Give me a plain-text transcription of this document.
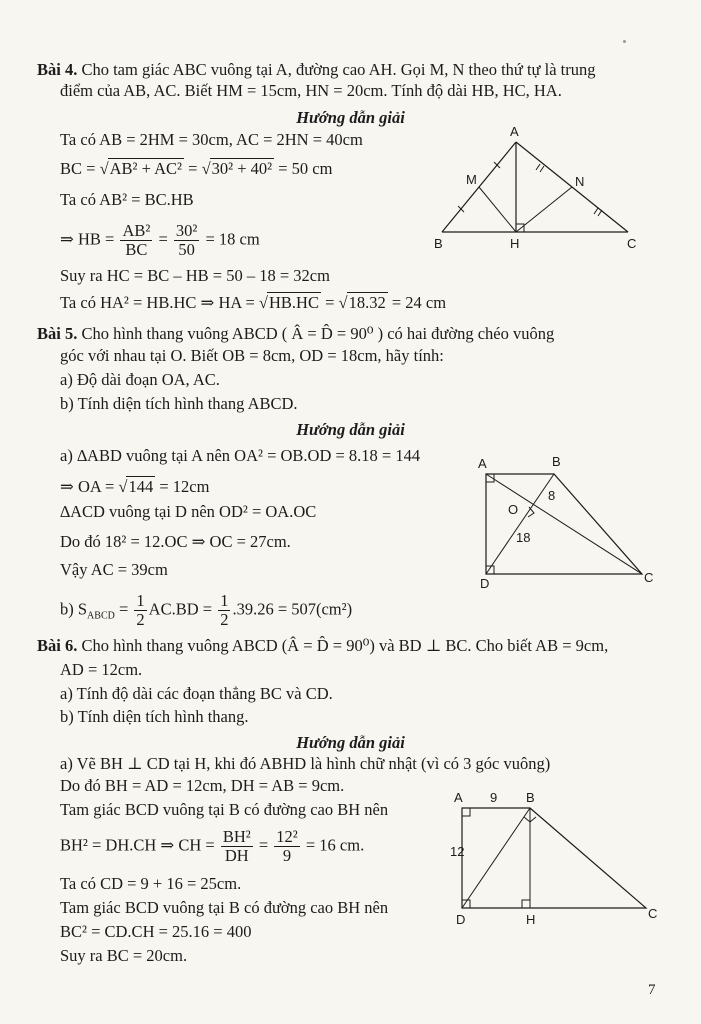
Bài 4. Cho tam giác ABC vuông tại A, đường cao AH. Gọi M, N theo thứ tự là trung
điểm của AB, AC. Biết HM = 15cm, HN = 20cm. Tính độ dài HB, HC, HA.
Hướng dẫn giải
Ta có AB = 2HM = 30cm, AC = 2HN = 40cm
BC = √AB² + AC² = √30² + 40² = 50 cm
Ta có AB² = BC.HB
⇒ HB = $\frac{\text{AB²}}{BC} = \frac{\text{30²}}{50} = 18$ cm
Suy ra HC = BC – HB = 50 – 18 = 32cm
Ta có HA² = HB.HC ⇒ HA = √HB.HC = √18.32 = 24 cm
A
M	N
B	H	C
Bài 5. Cho hình thang vuông ABCD ( Â = D̂ = 90⁰ ) có hai đường chéo vuông
góc với nhau tại O. Biết OB = 8cm, OD = 18cm, hãy tính:
a) Độ dài đoạn OA, AC.
b) Tính diện tích hình thang ABCD.
Hướng dẫn giải
a) ∆ABD vuông tại A nên OA² = OB.OD = 8.18 = 144
⇒ OA = √144 = 12cm
∆ACD vuông tại D nên OD² = OA.OC
Do đó 18² = 12.OC ⇒ OC = 27cm.
Vậy AC = 39cm
b) $S_{ABCD} = \frac{1}{2} AC.BD = \frac{1}{2} .39.26 = 507(cm^2)$
A	B
O
8
18
D	C
Bài 6. Cho hình thang vuông ABCD (Â = D̂ = 90⁰) và BD ⊥ BC. Cho biết AB = 9cm,
AD = 12cm.
a) Tính độ dài các đoạn thẳng BC và CD.
b) Tính diện tích hình thang.
Hướng dẫn giải
a) Vẽ BH ⊥ CD tại H, khi đó ABHD là hình chữ nhật (vì có 3 góc vuông)
Do đó BH = AD = 12cm, DH = AB = 9cm.
Tam giác BCD vuông tại B có đường cao BH nên
BH² = DH.CH ⇒ CH = $\frac{\text{BH²}}{DH} = \frac{\text{12²}}{9} = 16$ cm.
Ta có CD = 9 + 16 = 25cm.
Tam giác BCD vuông tại B có đường cao BH nên
BC² = CD.CH = 25.16 = 400
Suy ra BC = 20cm.
A 9 B
12
D	H	C
7
